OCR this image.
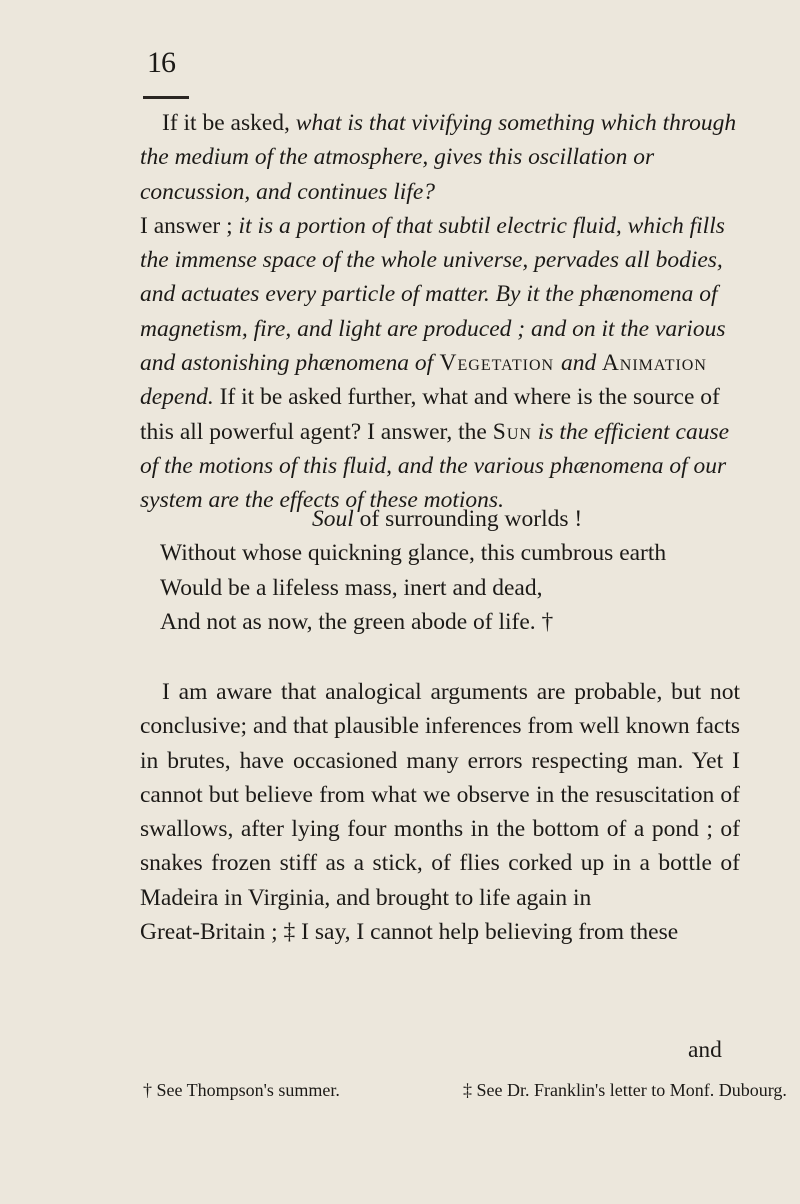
16

If it be asked, what is that vivifying something which through the medium of the atmosphere, gives this oscillation or concussion, and continues life?
I answer ; it is a portion of that subtil electric fluid, which fills the immense space of the whole universe, pervades all bodies, and actuates every particle of matter. By it the phænomena of magnetism, fire, and light are produced ; and on it the various and astonishing phænomena of Vegetation and Animation depend. If it be asked further, what and where is the source of this all powerful agent? I answer, the Sun is the efficient cause of the motions of this fluid, and the various phænomena of our system are the effects of these motions.

Soul of surrounding worlds !
Without whose quickning glance, this cumbrous earth
Would be a lifeless mass, inert and dead,
And not as now, the green abode of life. †

I am aware that analogical arguments are probable, but not conclusive; and that plausible inferences from well known facts in brutes, have occasioned many errors respecting man. Yet I cannot but believe from what we observe in the resuscitation of swallows, after lying four months in the bottom of a pond ; of snakes frozen stiff as a stick, of flies corked up in a bottle of Madeira in Virginia, and brought to life again in

Great-Britain ; ‡ I say, I cannot help believing from these

and
† See Thompson's summer.	‡ See Dr. Franklin's letter to Monf. Dubourg.
